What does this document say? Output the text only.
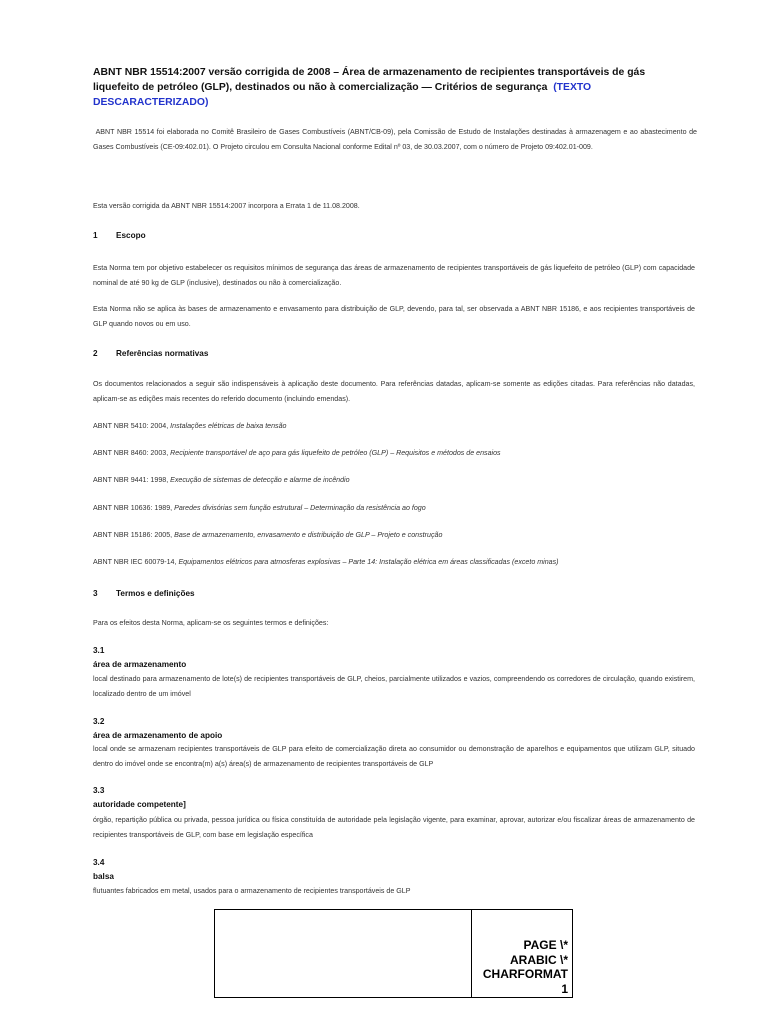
ABNT NBR 15514:2007 versão corrigida de 2008 – Área de armazenamento de recipientes transportáveis de gás liquefeito de petróleo (GLP), destinados ou não à comercialização — Critérios de segurança (TEXTO DESCARACTERIZADO)
ABNT NBR 15514 foi elaborada no Comitê Brasileiro de Gases Combustíveis (ABNT/CB-09), pela Comissão de Estudo de Instalações destinadas à armazenagem e ao abastecimento de Gases Combustíveis (CE-09:402.01). O Projeto circulou em Consulta Nacional conforme Edital nº 03, de 30.03.2007, com o número de Projeto 09:402.01-009.
Esta versão corrigida da ABNT NBR 15514:2007 incorpora a Errata 1 de 11.08.2008.
1 Escopo
Esta Norma tem por objetivo estabelecer os requisitos mínimos de segurança das áreas de armazenamento de recipientes transportáveis de gás liquefeito de petróleo (GLP) com capacidade nominal de até 90 kg de GLP (inclusive), destinados ou não à comercialização.
Esta Norma não se aplica às bases de armazenamento e envasamento para distribuição de GLP, devendo, para tal, ser observada a ABNT NBR 15186, e aos recipientes transportáveis de GLP quando novos ou em uso.
2 Referências normativas
Os documentos relacionados a seguir são indispensáveis à aplicação deste documento. Para referências datadas, aplicam-se somente as edições citadas. Para referências não datadas, aplicam-se as edições mais recentes do referido documento (incluindo emendas).
ABNT NBR 5410: 2004, Instalações elétricas de baixa tensão
ABNT NBR 8460: 2003, Recipiente transportável de aço para gás liquefeito de petróleo (GLP) – Requisitos e métodos de ensaios
ABNT NBR 9441: 1998, Execução de sistemas de detecção e alarme de incêndio
ABNT NBR 10636: 1989, Paredes divisórias sem função estrutural – Determinação da resistência ao fogo
ABNT NBR 15186: 2005, Base de armazenamento, envasamento e distribuição de GLP – Projeto e construção
ABNT NBR IEC 60079-14, Equipamentos elétricos para atmosferas explosivas – Parte 14: Instalação elétrica em áreas classificadas (exceto minas)
3 Termos e definições
Para os efeitos desta Norma, aplicam-se os seguintes termos e definições:
3.1
área de armazenamento
local destinado para armazenamento de lote(s) de recipientes transportáveis de GLP, cheios, parcialmente utilizados e vazios, compreendendo os corredores de circulação, quando existirem, localizado dentro de um imóvel
3.2
área de armazenamento de apoio
local onde se armazenam recipientes transportáveis de GLP para efeito de comercialização direta ao consumidor ou demonstração de aparelhos e equipamentos que utilizam GLP, situado dentro do imóvel onde se encontra(m) a(s) área(s) de armazenamento de recipientes transportáveis de GLP
3.3
autoridade competente]
órgão, repartição pública ou privada, pessoa jurídica ou física constituída de autoridade pela legislação vigente, para examinar, aprovar, autorizar e/ou fiscalizar áreas de armazenamento de recipientes transportáveis de GLP, com base em legislação específica
3.4
balsa
flutuantes fabricados em metal, usados para o armazenamento de recipientes transportáveis de GLP
PAGE \*
ARABIC \*
CHARFORMAT
1
